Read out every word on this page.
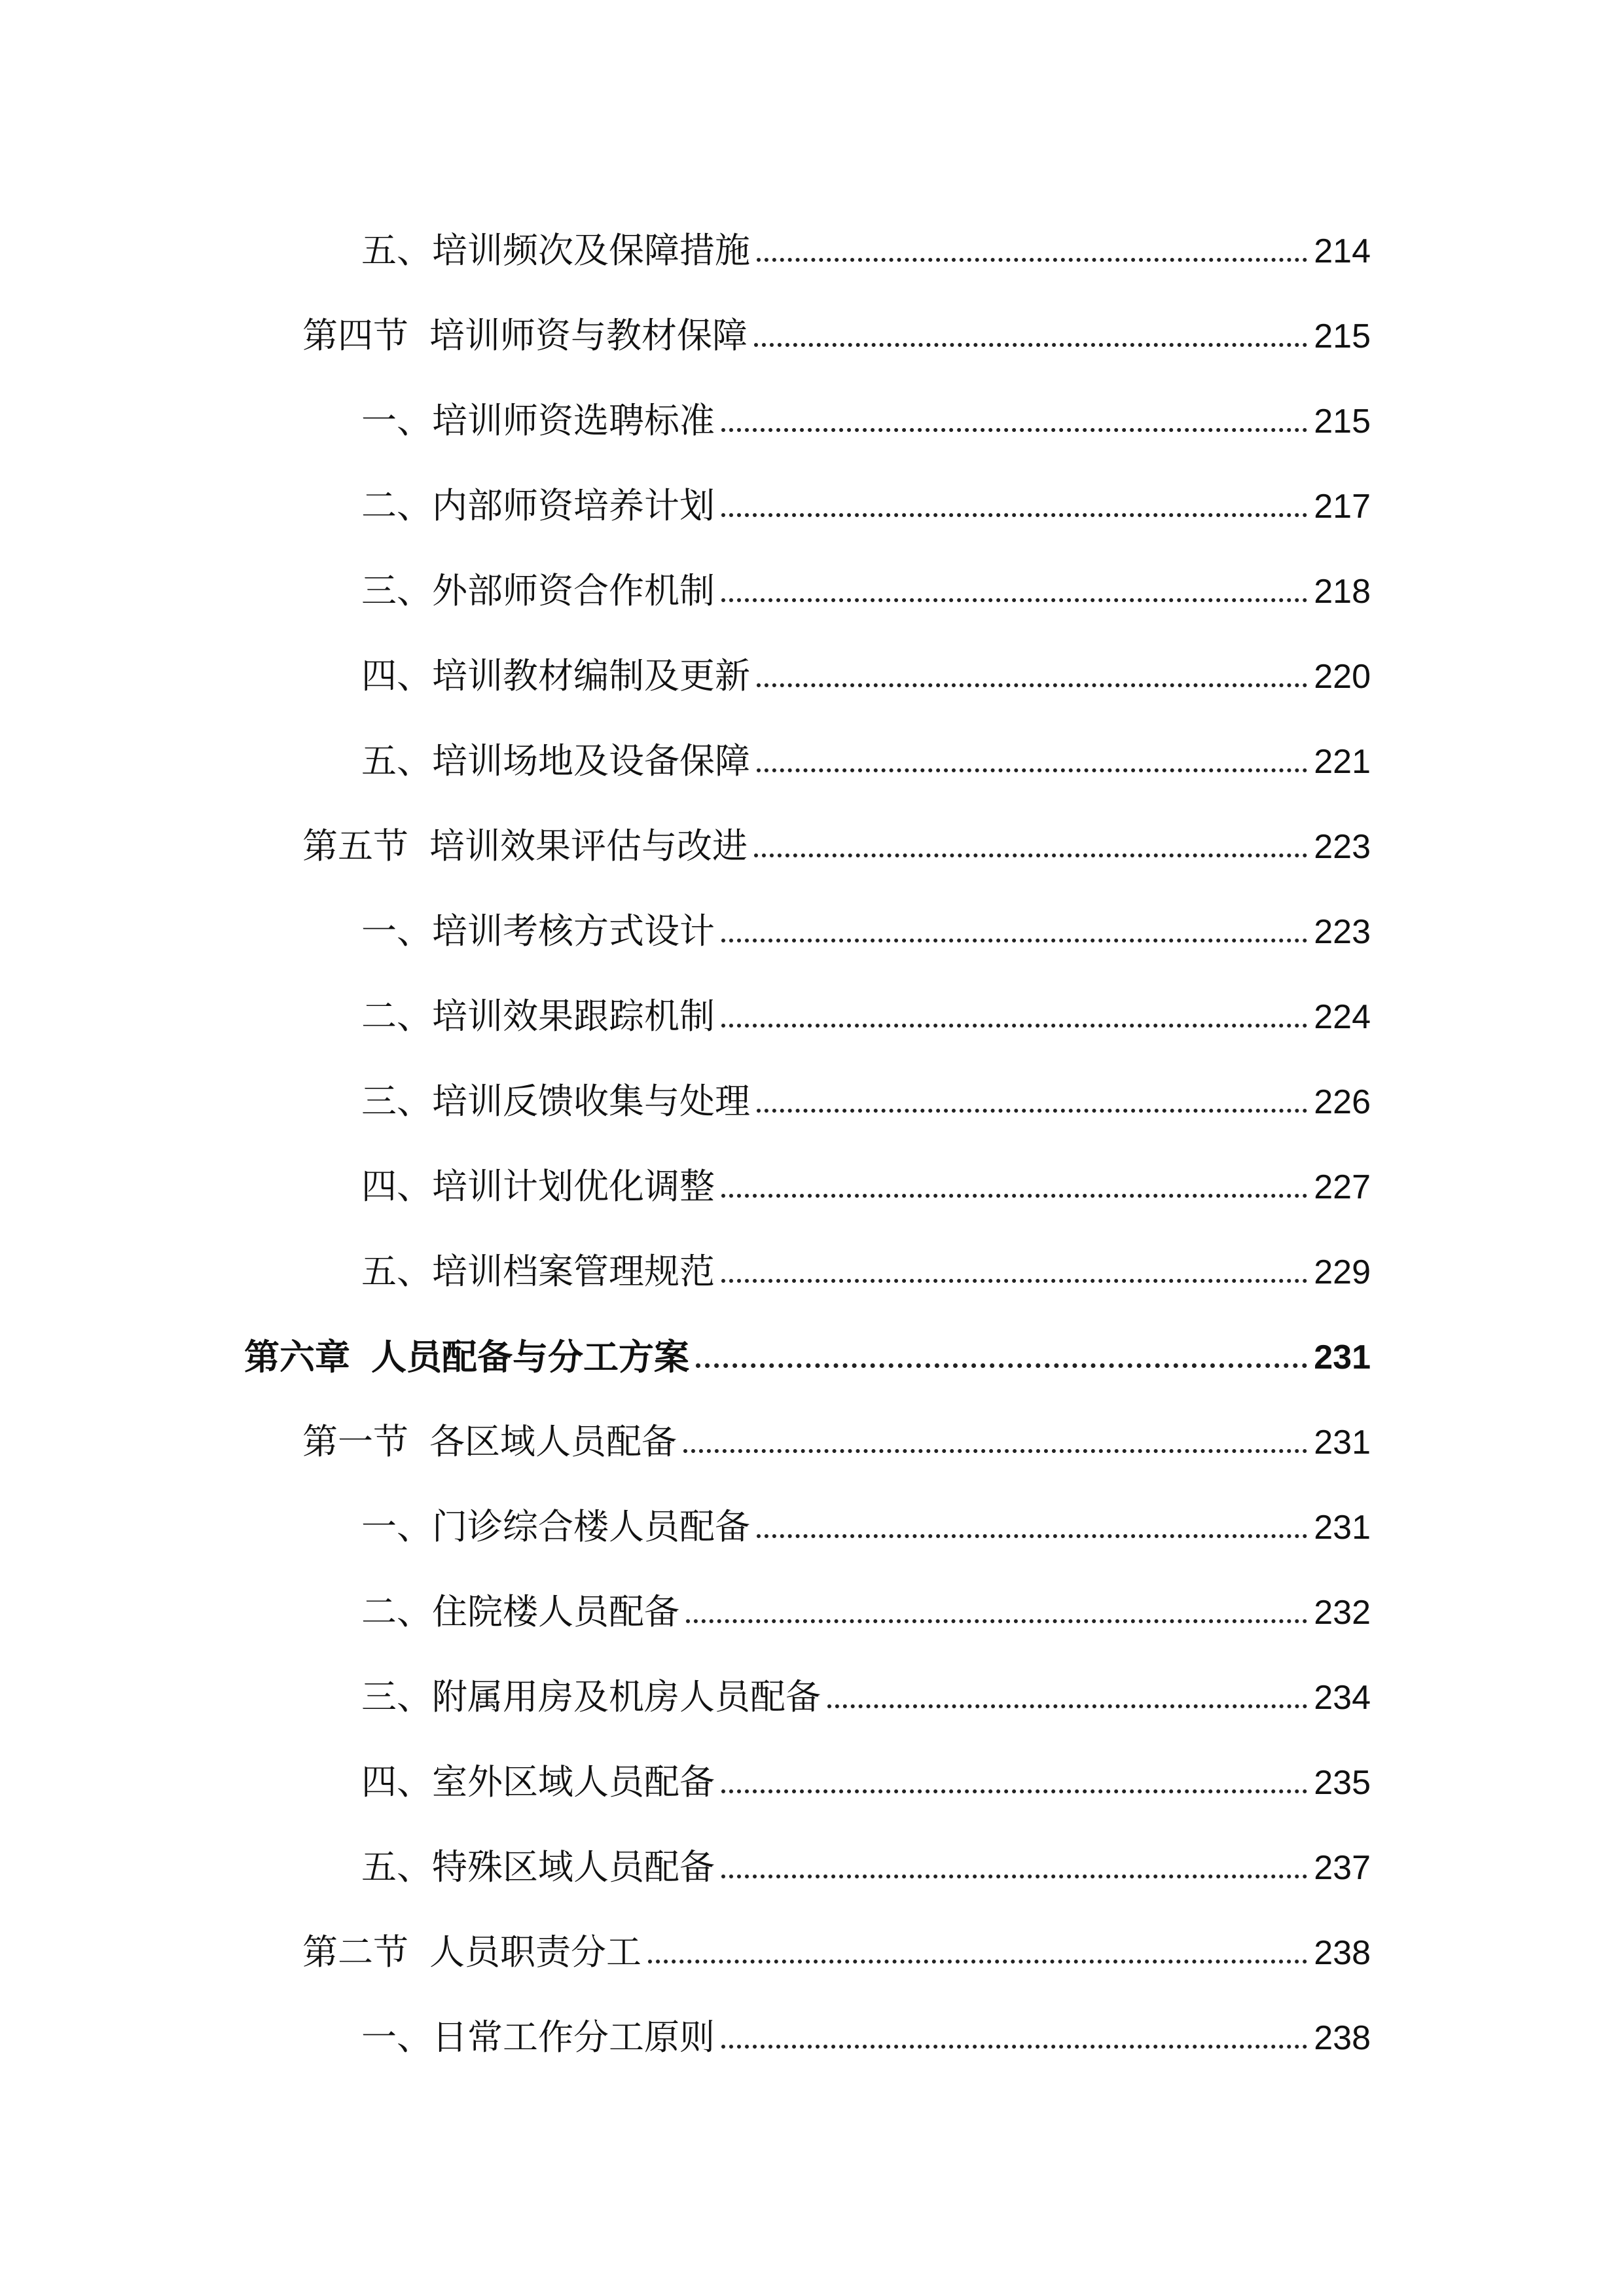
五、 培训频次及保障措施	214
第四节 培训师资与教材保障	215
一、 培训师资选聘标准	215
二、 内部师资培养计划	217
三、 外部师资合作机制	218
四、 培训教材编制及更新	220
五、 培训场地及设备保障	221
第五节 培训效果评估与改进	223
一、 培训考核方式设计	223
二、 培训效果跟踪机制	224
三、 培训反馈收集与处理	226
四、 培训计划优化调整	227
五、 培训档案管理规范	229
第六章 人员配备与分工方案	231
第一节 各区域人员配备	231
一、 门诊综合楼人员配备	231
二、 住院楼人员配备	232
三、 附属用房及机房人员配备	234
四、 室外区域人员配备	235
五、 特殊区域人员配备	237
第二节 人员职责分工	238
一、 日常工作分工原则	238
